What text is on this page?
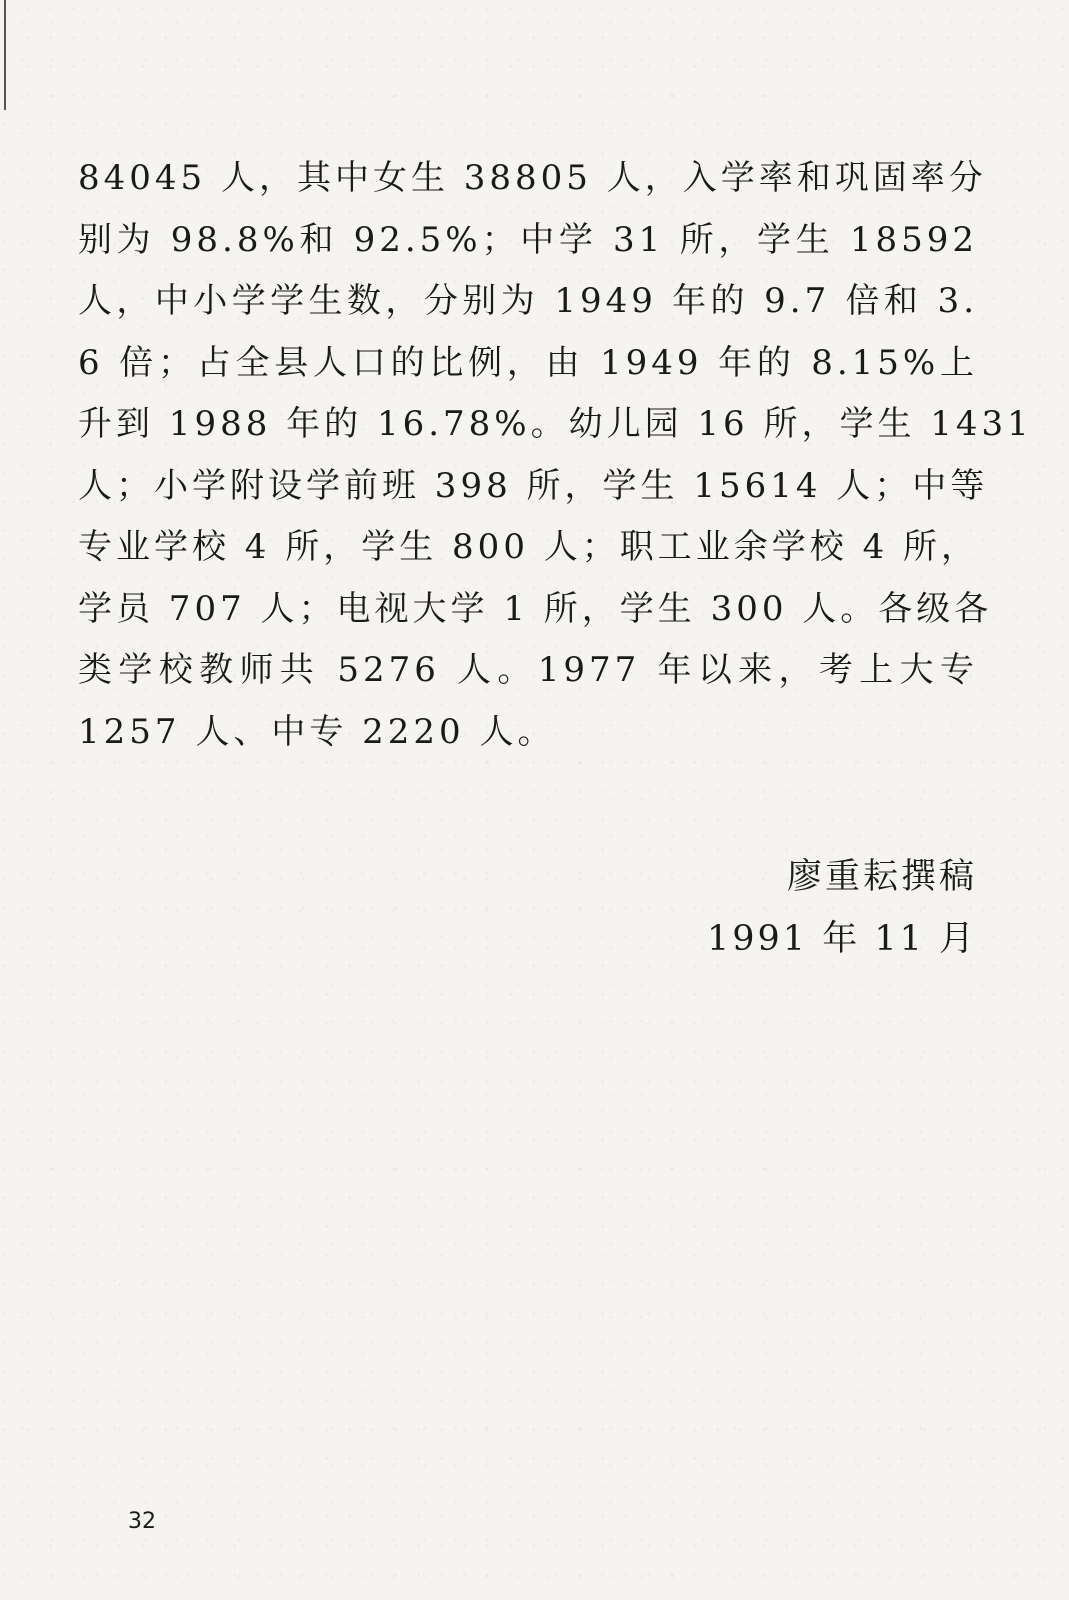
84045 人，其中女生 38805 人，入学率和巩固率分
别为 98.8%和 92.5%；中学 31 所，学生 18592
人，中小学学生数，分别为 1949 年的 9.7 倍和 3.
6 倍；占全县人口的比例，由 1949 年的 8.15%上
升到 1988 年的 16.78%。幼儿园 16 所，学生 1431
人；小学附设学前班 398 所，学生 15614 人；中等
专业学校 4 所，学生 800 人；职工业余学校 4 所，
学员 707 人；电视大学 1 所，学生 300 人。各级各
类学校教师共 5276 人。1977 年以来，考上大专
1257 人、中专 2220 人。
廖重耘撰稿
1991 年 11 月
32
